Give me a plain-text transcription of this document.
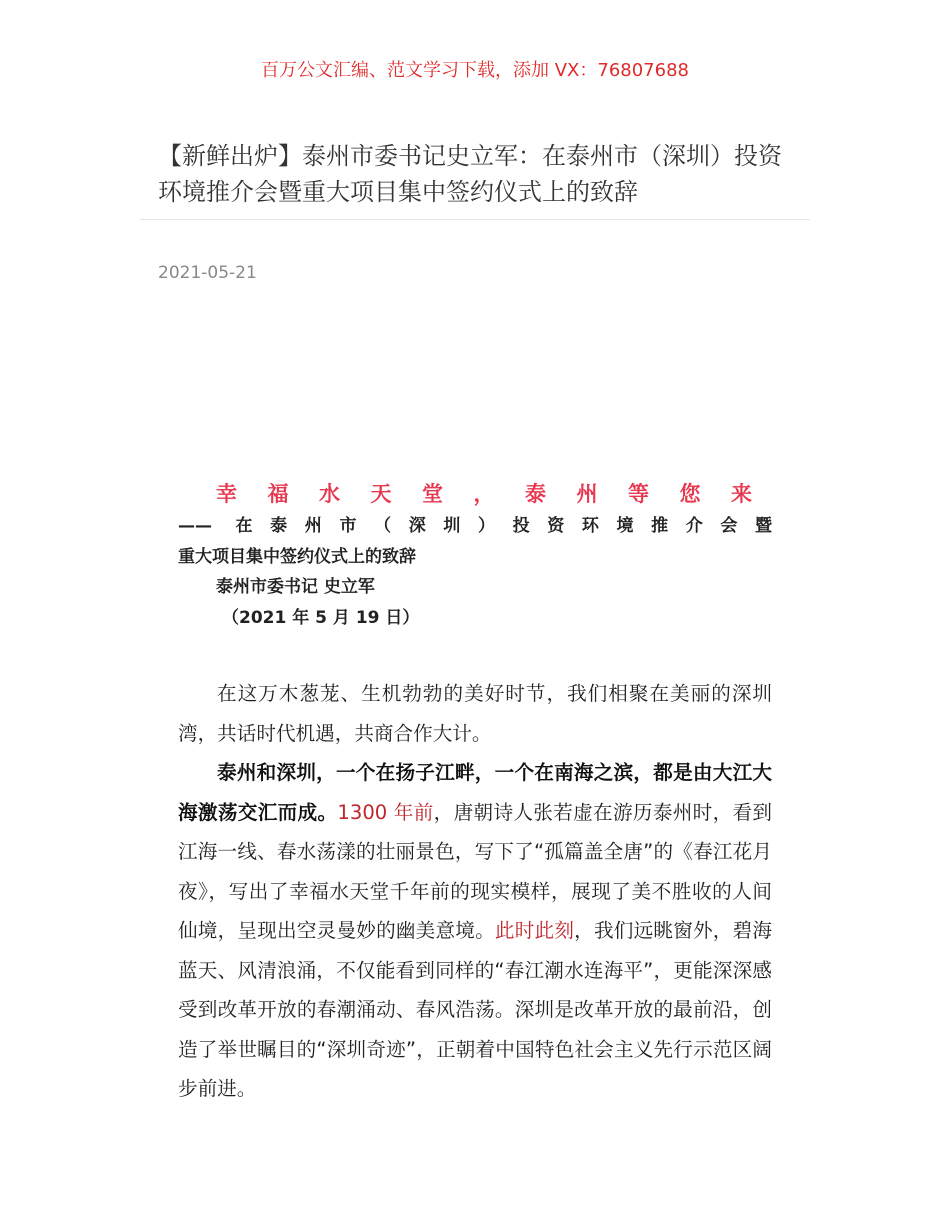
百万公文汇编、范文学习下载，添加 VX：76807688
【新鲜出炉】泰州市委书记史立军：在泰州市（深圳）投资环境推介会暨重大项目集中签约仪式上的致辞
2021-05-21
幸福水天堂，泰州等您来
—— 在泰州市（深圳）投资环境推介会暨
重大项目集中签约仪式上的致辞
泰州市委书记 史立军
（2021 年 5 月 19 日）

在这万木葱茏、生机勃勃的美好时节，我们相聚在美丽的深圳湾，共话时代机遇，共商合作大计。

泰州和深圳，一个在扬子江畔，一个在南海之滨，都是由大江大海激荡交汇而成。1300 年前，唐朝诗人张若虚在游历泰州时，看到江海一线、春水荡漾的壮丽景色，写下了“孤篇盖全唐”的《春江花月夜》，写出了幸福水天堂千年前的现实模样，展现了美不胜收的人间仙境，呈现出空灵曼妙的幽美意境。此时此刻，我们远眺窗外，碧海蓝天、风清浪涌，不仅能看到同样的“春江潮水连海平”，更能深深感受到改革开放的春潮涌动、春风浩荡。深圳是改革开放的最前沿，创造了举世瞩目的“深圳奇迹”，正朝着中国特色社会主义先行示范区阔步前进。
